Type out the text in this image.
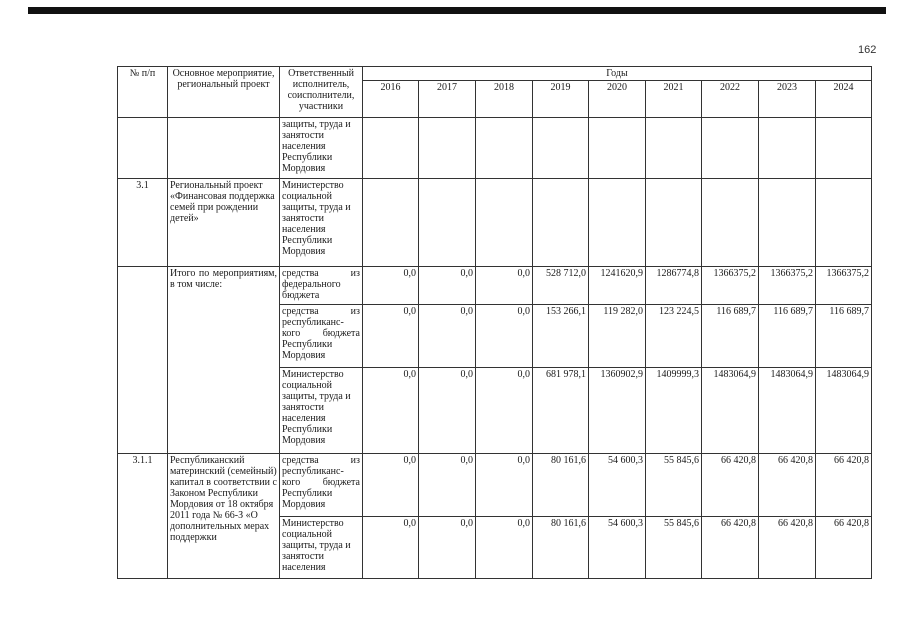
162
№ п/п	Основное мероприятие, региональный проект	Ответственный исполнитель, соисполнители, участники	Годы								
			2016	2017	2018	2019	2020	2021	2022	2023	2024
		защиты, труда и занятости населения Республики Мордовия									
3.1	Региональный проект «Финансовая поддержка семей при рождении детей»	Министерство социальной защиты, труда и занятости населения Республики Мордовия									
	Итого по мероприятиям, в том числе:	средства из федерального бюджета	0,0	0,0	0,0	528 712,0	1241620,9	1286774,8	1366375,2	1366375,2	1366375,2
		средства из республиканс-кого бюджета Республики Мордовия	0,0	0,0	0,0	153 266,1	119 282,0	123 224,5	116 689,7	116 689,7	116 689,7
		Министерство социальной защиты, труда и занятости населения Республики Мордовия	0,0	0,0	0,0	681 978,1	1360902,9	1409999,3	1483064,9	1483064,9	1483064,9
3.1.1	Республиканский материнский (семейный) капитал в соответствии с Законом Республики Мордовия от 18 октября 2011 года № 66-З «О дополнительных мерах поддержки	средства из республиканс-кого бюджета Республики Мордовия	0,0	0,0	0,0	80 161,6	54 600,3	55 845,6	66 420,8	66 420,8	66 420,8
		Министерство социальной защиты, труда и занятости населения	0,0	0,0	0,0	80 161,6	54 600,3	55 845,6	66 420,8	66 420,8	66 420,8
